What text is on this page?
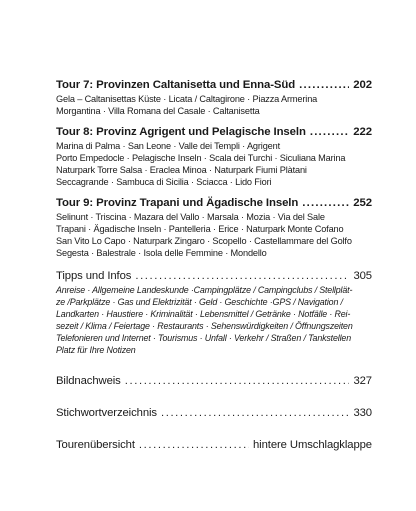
Tour 7: Provinzen Caltanisetta und Enna-Süd .....	202
Gela – Caltanisettas Küste · Licata / Caltagirone · Piazza Armerina
Morgantina · Villa Romana del Casale · Caltanisetta
Tour 8: Provinz Agrigent und Pelagische Inseln .....	222
Marina di Palma · San Leone · Valle dei Templi · Agrigent
Porto Empedocle · Pelagische Inseln · Scala dei Turchi · Siculiana Marina
Naturpark Torre Salsa · Eraclea Minoa · Naturpark Fiumi Plàtani
Seccagrande · Sambuca di Sicilia · Sciacca · Lido Fiori
Tour 9: Provinz Trapani und Ägadische Inseln .....	252
Selinunt · Triscina · Mazara del Vallo · Marsala · Mozia · Via del Sale
Trapani · Ägadische Inseln · Pantelleria · Erice · Naturpark Monte Cofano
San Vito Lo Capo · Naturpark Zingaro · Scopello · Castellammare del Golfo
Segesta · Balestrale · Isola delle Femmine · Mondello
Tipps und Infos .....	305
Anreise · Allgemeine Landeskunde ·Campingplätze / Campingclubs / Stellplät-
ze /Parkplätze · Gas und Elektrizität · Geld · Geschichte ·GPS / Navigation /
Landkarten · Haustiere · Kriminalität · Lebensmittel / Getränke · Notfälle · Rei-
sezeit / Klima / Feiertage · Restaurants · Sehenswürdigkeiten / Öffnungszeiten
Telefonieren und Internet · Tourismus · Unfall · Verkehr / Straßen / Tankstellen
Platz für Ihre Notizen
Bildnachweis .....	327
Stichwortverzeichnis .....	330
Tourenübersicht .....	hintere Umschlagklappe
